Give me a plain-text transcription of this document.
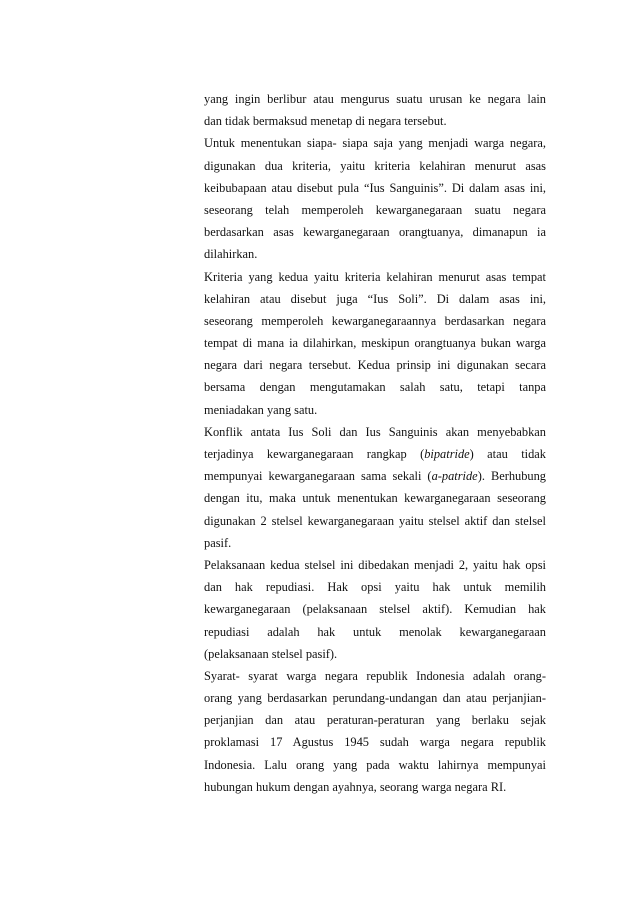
yang ingin berlibur atau mengurus suatu urusan ke negara lain
dan tidak bermaksud menetap di negara tersebut.
Untuk menentukan siapa- siapa saja yang menjadi warga negara,
digunakan dua kriteria, yaitu kriteria kelahiran menurut asas
keibubapaan atau disebut pula “Ius Sanguinis”. Di dalam asas ini,
seseorang telah memperoleh kewarganegaraan suatu negara
berdasarkan asas kewarganegaraan orangtuanya, dimanapun ia
dilahirkan.
Kriteria yang kedua yaitu kriteria kelahiran menurut asas tempat
kelahiran atau disebut juga “Ius Soli”. Di dalam asas ini,
seseorang memperoleh kewarganegaraannya berdasarkan negara
tempat di mana ia dilahirkan, meskipun orangtuanya bukan warga
negara dari negara tersebut. Kedua prinsip ini digunakan secara
bersama dengan mengutamakan salah satu, tetapi tanpa
meniadakan yang satu.
Konflik antata Ius Soli dan Ius Sanguinis akan menyebabkan
terjadinya kewarganegaraan rangkap (bipatride) atau tidak
mempunyai kewarganegaraan sama sekali (a-patride). Berhubung
dengan itu, maka untuk menentukan kewarganegaraan seseorang
digunakan 2 stelsel kewarganegaraan yaitu stelsel aktif dan stelsel
pasif.
Pelaksanaan kedua stelsel ini dibedakan menjadi 2, yaitu hak opsi
dan hak repudiasi. Hak opsi yaitu hak untuk memilih
kewarganegaraan (pelaksanaan stelsel aktif). Kemudian hak
repudiasi adalah hak untuk menolak kewarganegaraan
(pelaksanaan stelsel pasif).
Syarat- syarat warga negara republik Indonesia adalah orang-
orang yang berdasarkan perundang-undangan dan atau perjanjian-
perjanjian dan atau peraturan-peraturan yang berlaku sejak
proklamasi 17 Agustus 1945 sudah warga negara republik
Indonesia. Lalu orang yang pada waktu lahirnya mempunyai
hubungan hukum dengan ayahnya, seorang warga negara RI.
